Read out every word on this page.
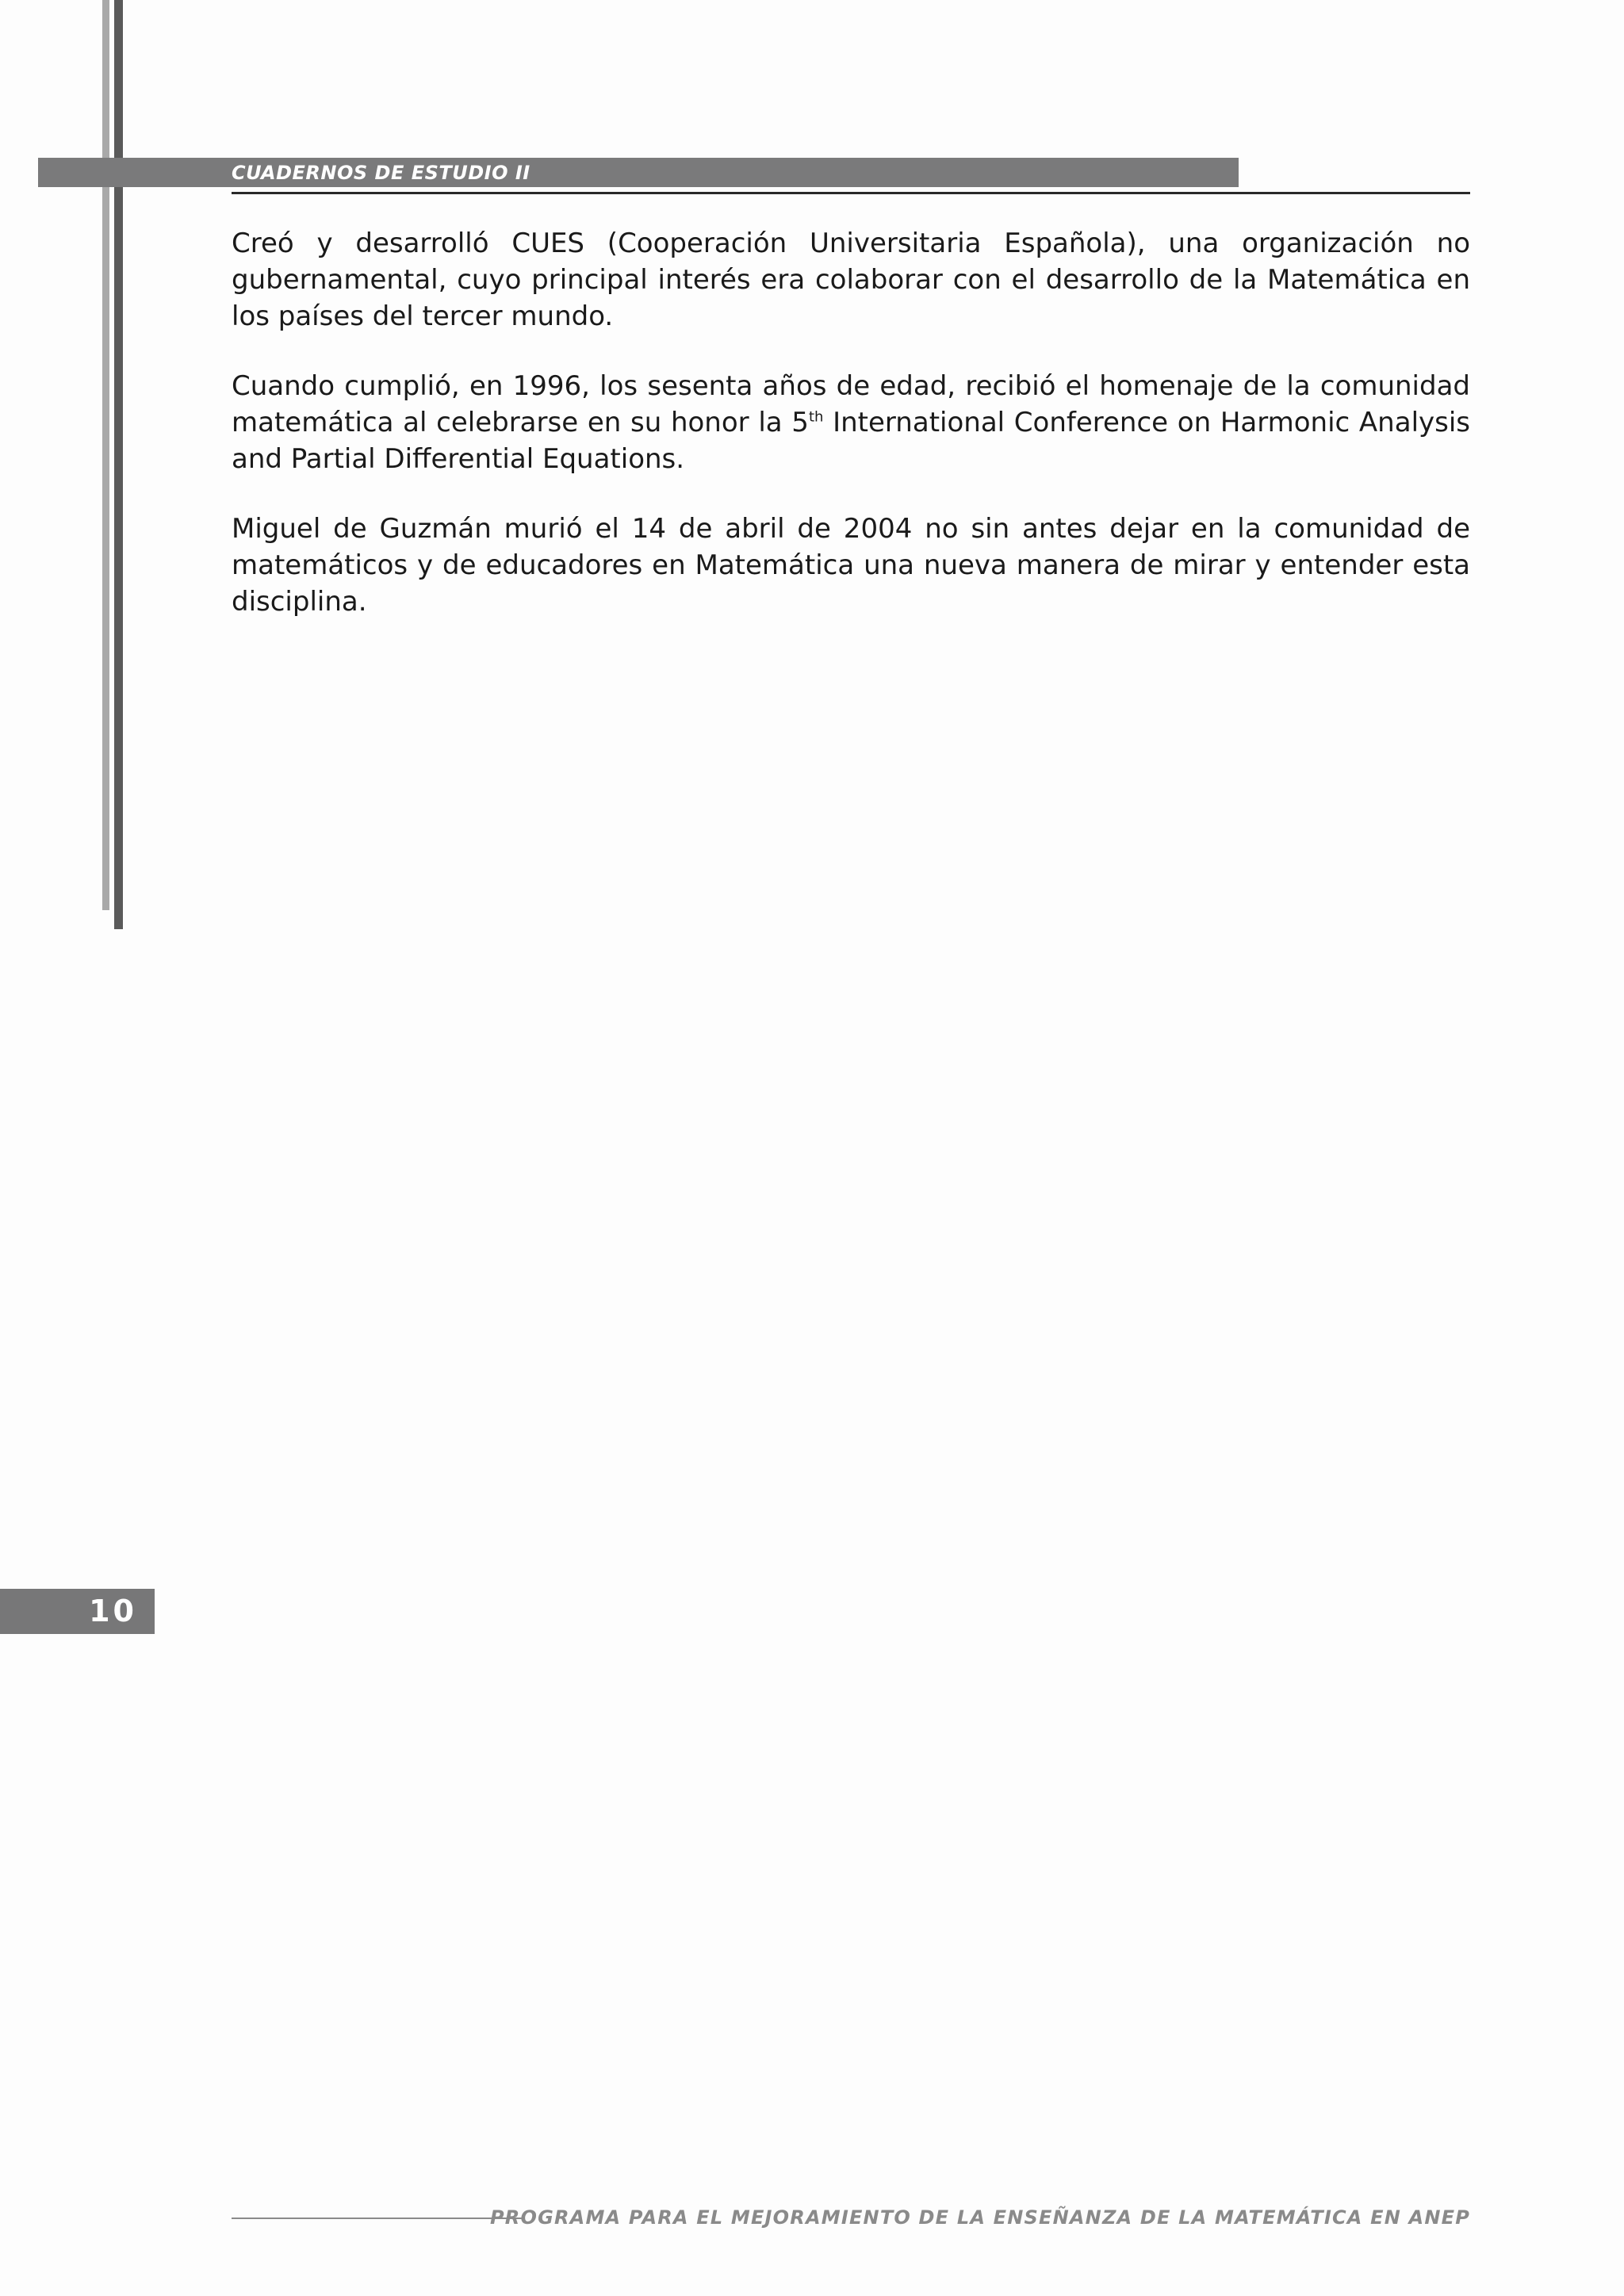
CUADERNOS DE ESTUDIO II

Creó y desarrolló CUES (Cooperación Universitaria Española), una organización no gubernamental, cuyo principal interés era colaborar con el desarrollo de la Matemática en los países del tercer mundo.

Cuando cumplió, en 1996, los sesenta años de edad, recibió el homenaje de la comunidad matemática al celebrarse en su honor la 5th International Conference on Harmonic Analysis and Partial Differential Equations.

Miguel de Guzmán murió el 14 de abril de 2004 no sin antes dejar en la comunidad de matemáticos y de educadores en Matemática una nueva manera de mirar y entender esta disciplina.

10
PROGRAMA PARA EL MEJORAMIENTO DE LA ENSEÑANZA DE LA MATEMÁTICA EN ANEP
